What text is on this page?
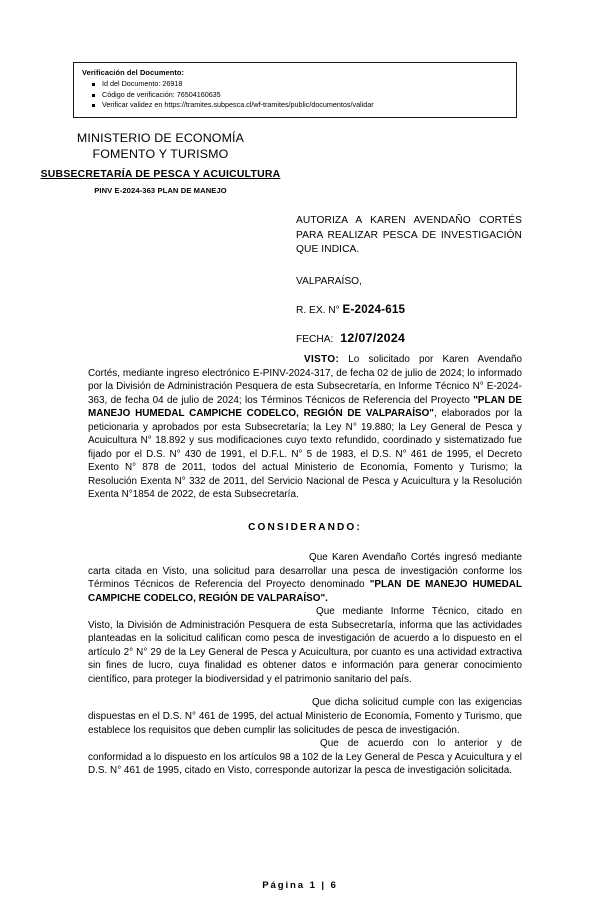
Verificación del Documento:
Id del Documento: 26918
Código de verificación: 76504160635
Verificar validez en https://tramites.subpesca.cl/wf-tramites/public/documentos/validar
MINISTERIO DE ECONOMÍA
FOMENTO Y TURISMO
SUBSECRETARÍA DE PESCA Y ACUICULTURA
PINV E-2024-363 PLAN DE MANEJO
AUTORIZA A KAREN AVENDAÑO CORTÉS PARA REALIZAR PESCA DE INVESTIGACIÓN QUE INDICA.
VALPARAÍSO,
R. EX. N° E-2024-615
FECHA: 12/07/2024

VISTO: Lo solicitado por Karen Avendaño Cortés, mediante ingreso electrónico E-PINV-2024-317, de fecha 02 de julio de 2024; lo informado por la División de Administración Pesquera de esta Subsecretaría, en Informe Técnico N° E-2024-363, de fecha 04 de julio de 2024; los Términos Técnicos de Referencia del Proyecto "PLAN DE MANEJO HUMEDAL CAMPICHE CODELCO, REGIÓN DE VALPARAÍSO", elaborados por la peticionaria y aprobados por esta Subsecretaría; la Ley N° 19.880; la Ley General de Pesca y Acuicultura N° 18.892 y sus modificaciones cuyo texto refundido, coordinado y sistematizado fue fijado por el D.S. N° 430 de 1991, el D.F.L. N° 5 de 1983, el D.S. N° 461 de 1995, el Decreto Exento N° 878 de 2011, todos del actual Ministerio de Economía, Fomento y Turismo; la Resolución Exenta N° 332 de 2011, del Servicio Nacional de Pesca y Acuicultura y la Resolución Exenta N°1854 de 2022, de esta Subsecretaría.

CONSIDERANDO:

Que Karen Avendaño Cortés ingresó mediante carta citada en Visto, una solicitud para desarrollar una pesca de investigación conforme los Términos Técnicos de Referencia del Proyecto denominado "PLAN DE MANEJO HUMEDAL CAMPICHE CODELCO, REGIÓN DE VALPARAÍSO".

Que mediante Informe Técnico, citado en Visto, la División de Administración Pesquera de esta Subsecretaría, informa que las actividades planteadas en la solicitud califican como pesca de investigación de acuerdo a lo dispuesto en el artículo 2° N° 29 de la Ley General de Pesca y Acuicultura, por cuanto es una actividad extractiva sin fines de lucro, cuya finalidad es obtener datos e información para generar conocimiento científico, para proteger la biodiversidad y el patrimonio sanitario del país.

Que dicha solicitud cumple con las exigencias dispuestas en el D.S. N° 461 de 1995, del actual Ministerio de Economía, Fomento y Turismo, que establece los requisitos que deben cumplir las solicitudes de pesca de investigación.

Que de acuerdo con lo anterior y de conformidad a lo dispuesto en los artículos 98 a 102 de la Ley General de Pesca y Acuicultura y el D.S. N° 461 de 1995, citado en Visto, corresponde autorizar la pesca de investigación solicitada.

Página 1 | 6
